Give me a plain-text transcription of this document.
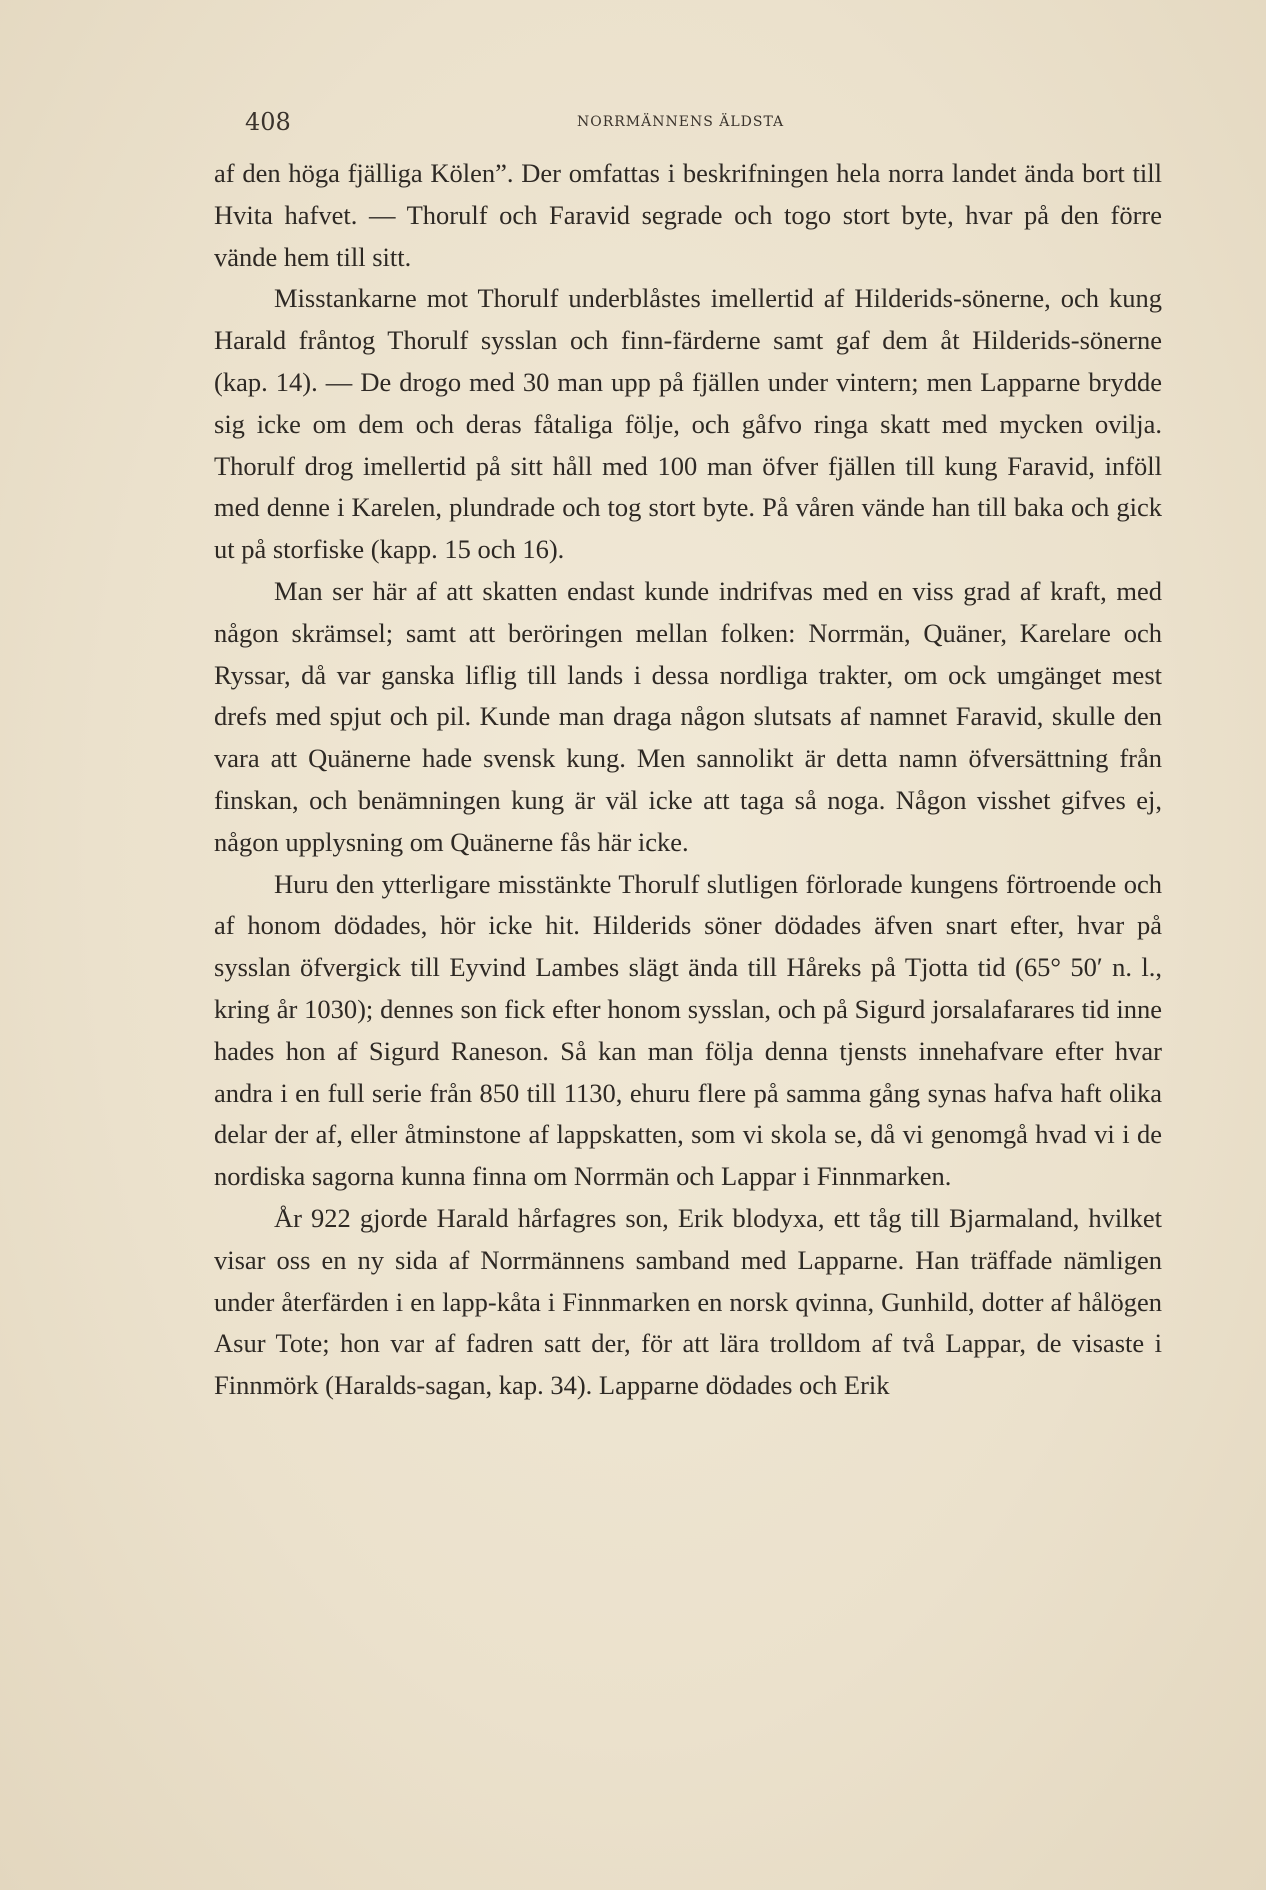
408	NORRMÄNNENS ÄLDSTA

af den höga fjälliga Kölen”. Der omfattas i beskrifningen hela norra landet ända bort till Hvita hafvet. — Thorulf och Faravid segrade och togo stort byte, hvar på den förre vände hem till sitt.

Misstankarne mot Thorulf underblåstes imellertid af Hilderids-sönerne, och kung Harald fråntog Thorulf sysslan och finn-färderne samt gaf dem åt Hilderids-sönerne (kap. 14). — De drogo med 30 man upp på fjällen under vintern; men Lapparne brydde sig icke om dem och deras fåtaliga följe, och gåfvo ringa skatt med mycken ovilja. Thorulf drog imellertid på sitt håll med 100 man öfver fjällen till kung Faravid, inföll med denne i Karelen, plundrade och tog stort byte. På våren vände han till baka och gick ut på storfiske (kapp. 15 och 16).

Man ser här af att skatten endast kunde indrifvas med en viss grad af kraft, med någon skrämsel; samt att beröringen mellan folken: Norrmän, Quäner, Karelare och Ryssar, då var ganska liflig till lands i dessa nordliga trakter, om ock umgänget mest drefs med spjut och pil. Kunde man draga någon slutsats af namnet Faravid, skulle den vara att Quänerne hade svensk kung. Men sannolikt är detta namn öfversättning från finskan, och benämningen kung är väl icke att taga så noga. Någon visshet gifves ej, någon upplysning om Quänerne fås här icke.

Huru den ytterligare misstänkte Thorulf slutligen förlorade kungens förtroende och af honom dödades, hör icke hit. Hilderids söner dödades äfven snart efter, hvar på sysslan öfvergick till Eyvind Lambes slägt ända till Håreks på Tjotta tid (65° 50′ n. l., kring år 1030); dennes son fick efter honom sysslan, och på Sigurd jorsalafarares tid inne hades hon af Sigurd Raneson. Så kan man följa denna tjensts innehafvare efter hvar andra i en full serie från 850 till 1130, ehuru flere på samma gång synas hafva haft olika delar der af, eller åtminstone af lappskatten, som vi skola se, då vi genomgå hvad vi i de nordiska sagorna kunna finna om Norrmän och Lappar i Finnmarken.

År 922 gjorde Harald hårfagres son, Erik blodyxa, ett tåg till Bjarmaland, hvilket visar oss en ny sida af Norrmännens samband med Lapparne. Han träffade nämligen under återfärden i en lapp-kåta i Finnmarken en norsk qvinna, Gunhild, dotter af hålögen Asur Tote; hon var af fadren satt der, för att lära trolldom af två Lappar, de visaste i Finnmörk (Haralds-sagan, kap. 34). Lapparne dödades och Erik
